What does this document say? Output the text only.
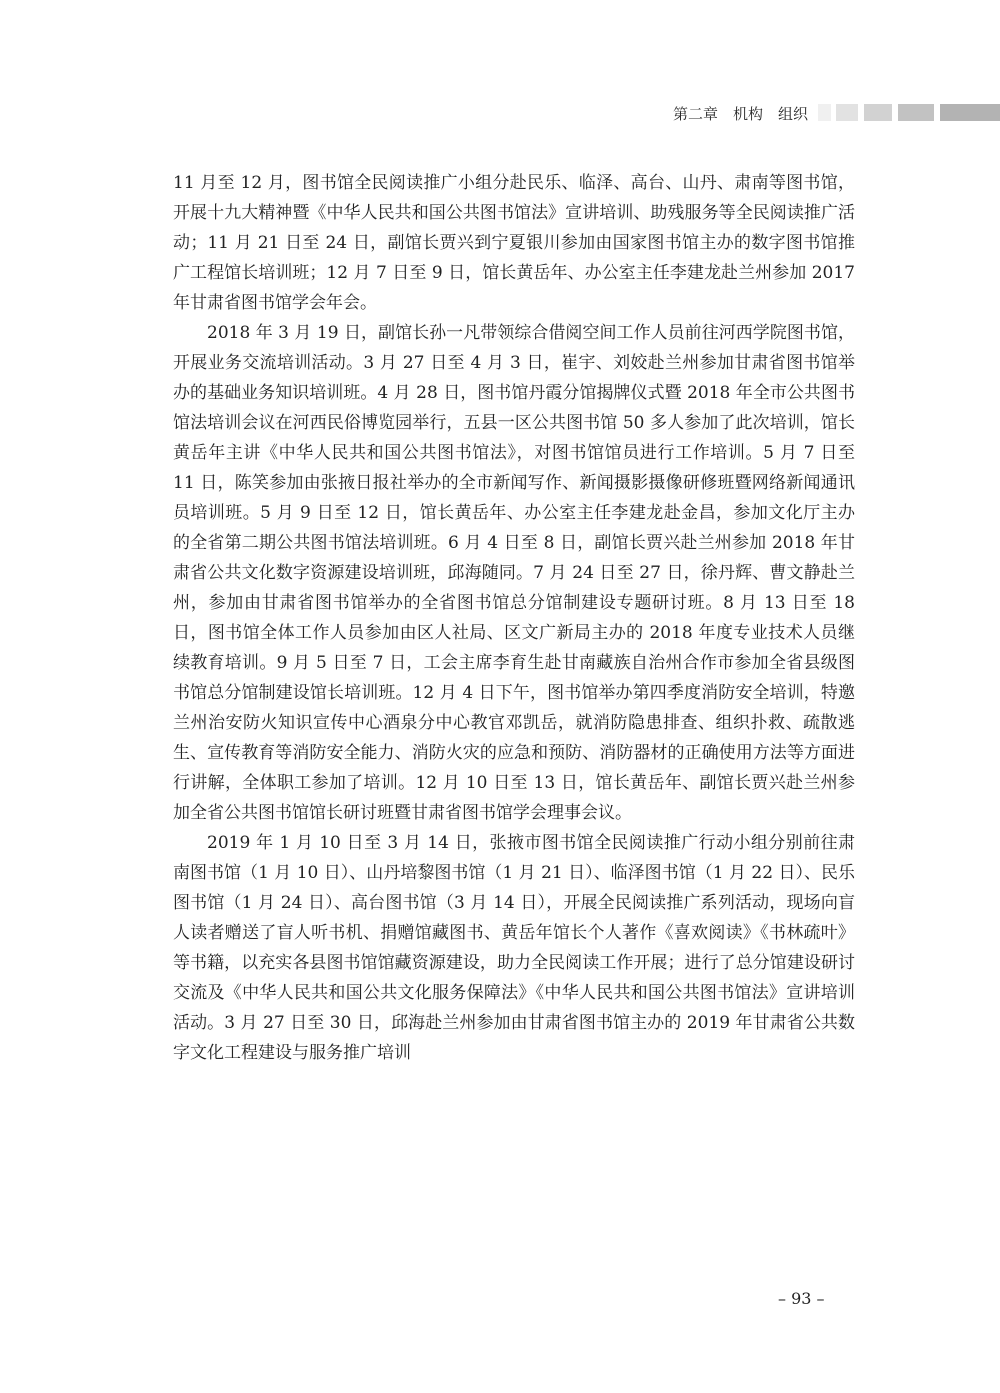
第二章　机构　组织

11 月至 12 月，图书馆全民阅读推广小组分赴民乐、临泽、高台、山丹、肃南等图书馆，开展十九大精神暨《中华人民共和国公共图书馆法》宣讲培训、助残服务等全民阅读推广活动；11 月 21 日至 24 日，副馆长贾兴到宁夏银川参加由国家图书馆主办的数字图书馆推广工程馆长培训班；12 月 7 日至 9 日，馆长黄岳年、办公室主任李建龙赴兰州参加 2017 年甘肃省图书馆学会年会。

2018 年 3 月 19 日，副馆长孙一凡带领综合借阅空间工作人员前往河西学院图书馆，开展业务交流培训活动。3 月 27 日至 4 月 3 日，崔宇、刘姣赴兰州参加甘肃省图书馆举办的基础业务知识培训班。4 月 28 日，图书馆丹霞分馆揭牌仪式暨 2018 年全市公共图书馆法培训会议在河西民俗博览园举行，五县一区公共图书馆 50 多人参加了此次培训，馆长黄岳年主讲《中华人民共和国公共图书馆法》，对图书馆馆员进行工作培训。5 月 7 日至 11 日，陈笑参加由张掖日报社举办的全市新闻写作、新闻摄影摄像研修班暨网络新闻通讯员培训班。5 月 9 日至 12 日，馆长黄岳年、办公室主任李建龙赴金昌，参加文化厅主办的全省第二期公共图书馆法培训班。6 月 4 日至 8 日，副馆长贾兴赴兰州参加 2018 年甘肃省公共文化数字资源建设培训班，邱海随同。7 月 24 日至 27 日，徐丹辉、曹文静赴兰州，参加由甘肃省图书馆举办的全省图书馆总分馆制建设专题研讨班。8 月 13 日至 18 日，图书馆全体工作人员参加由区人社局、区文广新局主办的 2018 年度专业技术人员继续教育培训。9 月 5 日至 7 日，工会主席李育生赴甘南藏族自治州合作市参加全省县级图书馆总分馆制建设馆长培训班。12 月 4 日下午，图书馆举办第四季度消防安全培训，特邀兰州治安防火知识宣传中心酒泉分中心教官邓凯岳，就消防隐患排查、组织扑救、疏散逃生、宣传教育等消防安全能力、消防火灾的应急和预防、消防器材的正确使用方法等方面进行讲解，全体职工参加了培训。12 月 10 日至 13 日，馆长黄岳年、副馆长贾兴赴兰州参加全省公共图书馆馆长研讨班暨甘肃省图书馆学会理事会议。

2019 年 1 月 10 日至 3 月 14 日，张掖市图书馆全民阅读推广行动小组分别前往肃南图书馆（1 月 10 日）、山丹培黎图书馆（1 月 21 日）、临泽图书馆（1 月 22 日）、民乐图书馆（1 月 24 日）、高台图书馆（3 月 14 日），开展全民阅读推广系列活动，现场向盲人读者赠送了盲人听书机、捐赠馆藏图书、黄岳年馆长个人著作《喜欢阅读》《书林疏叶》等书籍，以充实各县图书馆馆藏资源建设，助力全民阅读工作开展；进行了总分馆建设研讨交流及《中华人民共和国公共文化服务保障法》《中华人民共和国公共图书馆法》宣讲培训活动。3 月 27 日至 30 日，邱海赴兰州参加由甘肃省图书馆主办的 2019 年甘肃省公共数字文化工程建设与服务推广培训

– 93 –
